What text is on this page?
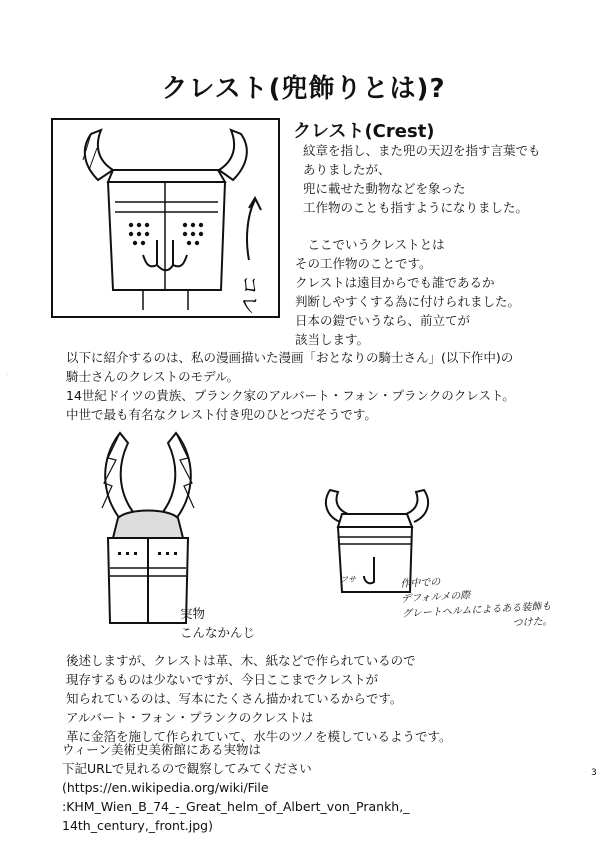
クレスト(兜飾りとは)?
コレ
クレスト(Crest)
紋章を指し、また兜の天辺を指す言葉でも
ありましたが、
兜に載せた動物などを象った
工作物のことも指すようになりました。
　ここでいうクレストとは
その工作物のことです。
クレストは遠目からでも誰であるか
判断しやすくする為に付けられました。
日本の鎧でいうなら、前立てが
該当します。
·
以下に紹介するのは、私の漫画描いた漫画「おとなりの騎士さん」(以下作中)の
騎士さんのクレストのモデル。
14世紀ドイツの貴族、プランク家のアルバート・フォン・プランクのクレスト。
中世で最も有名なクレスト付き兜のひとつだそうです。
実物
こんなかんじ
フサ	作中での
デフォルメの際
グレートヘルムによるある装飾も
　　　　　　　　　　　つけた。
後述しますが、クレストは革、木、紙などで作られているので
現存するものは少ないですが、今日ここまでクレストが
知られているのは、写本にたくさん描かれているからです。
アルバート・フォン・プランクのクレストは
革に金箔を施して作られていて、水牛のツノを模しているようです。
ウィーン美術史美術館にある実物は
下記URLで見れるので観察してみてください
(https://en.wikipedia.org/wiki/File
:KHM_Wien_B_74_-_Great_helm_of_Albert_von_Prankh,_
14th_century,_front.jpg)
3
